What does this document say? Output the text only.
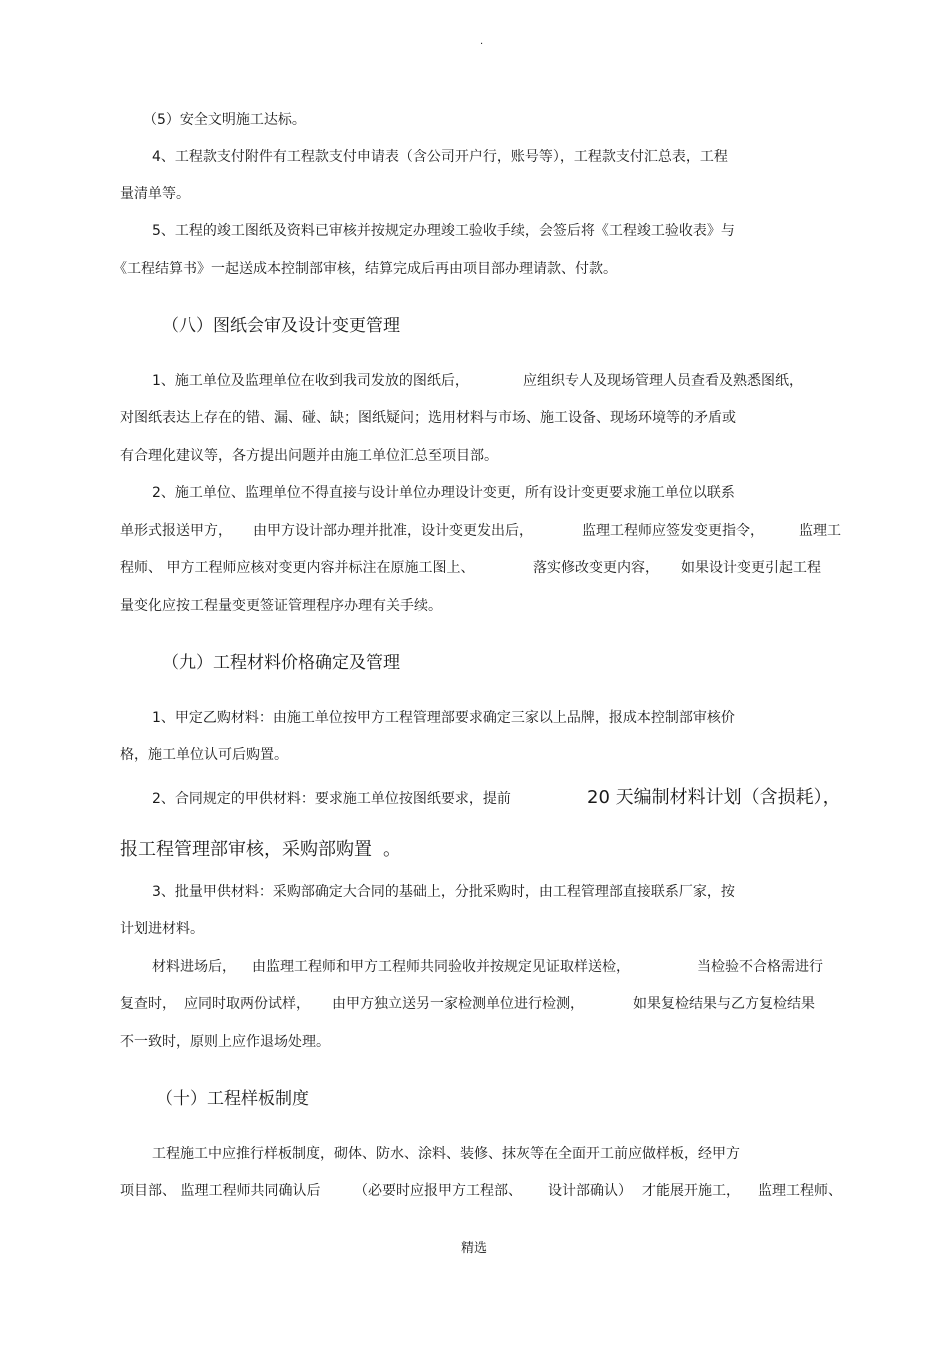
.
（5）安全文明施工达标。
4、工程款支付附件有工程款支付申请表（含公司开户行，账号等），工程款支付汇总表，工程
量清单等。
5、工程的竣工图纸及资料已审核并按规定办理竣工验收手续，会签后将《工程竣工验收表》与
《工程结算书》一起送成本控制部审核，结算完成后再由项目部办理请款、付款。
（八）图纸会审及设计变更管理
1、施工单位及监理单位在收到我司发放的图纸后，	应组织专人及现场管理人员查看及熟悉图纸，
对图纸表达上存在的错、漏、碰、缺；图纸疑问；选用材料与市场、施工设备、现场环境等的矛盾或
有合理化建议等，各方提出问题并由施工单位汇总至项目部。
2、施工单位、监理单位不得直接与设计单位办理设计变更，所有设计变更要求施工单位以联系
单形式报送甲方， 由甲方设计部办理并批准，设计变更发出后，	监理工程师应签发变更指令，	监理工
程师、 甲方工程师应核对变更内容并标注在原施工图上、	落实修改变更内容， 如果设计变更引起工程
量变化应按工程量变更签证管理程序办理有关手续。
（九）工程材料价格确定及管理
1、甲定乙购材料：由施工单位按甲方工程管理部要求确定三家以上品牌，报成本控制部审核价
格，施工单位认可后购置。
2、合同规定的甲供材料：要求施工单位按图纸要求，提前	20 天编制材料计划（含损耗），
报工程管理部审核，采购部购置 。
3、批量甲供材料：采购部确定大合同的基础上，分批采购时，由工程管理部直接联系厂家，按
计划进材料。
材料进场后， 由监理工程师和甲方工程师共同验收并按规定见证取样送检，	当检验不合格需进行
复查时， 应同时取两份试样， 由甲方独立送另一家检测单位进行检测，	如果复检结果与乙方复检结果
不一致时，原则上应作退场处理。
（十）工程样板制度
工程施工中应推行样板制度，砌体、防水、涂料、装修、抹灰等在全面开工前应做样板，经甲方
项目部、 监理工程师共同确认后 （必要时应报甲方工程部、 设计部确认） 才能展开施工， 监理工程师、
精选
